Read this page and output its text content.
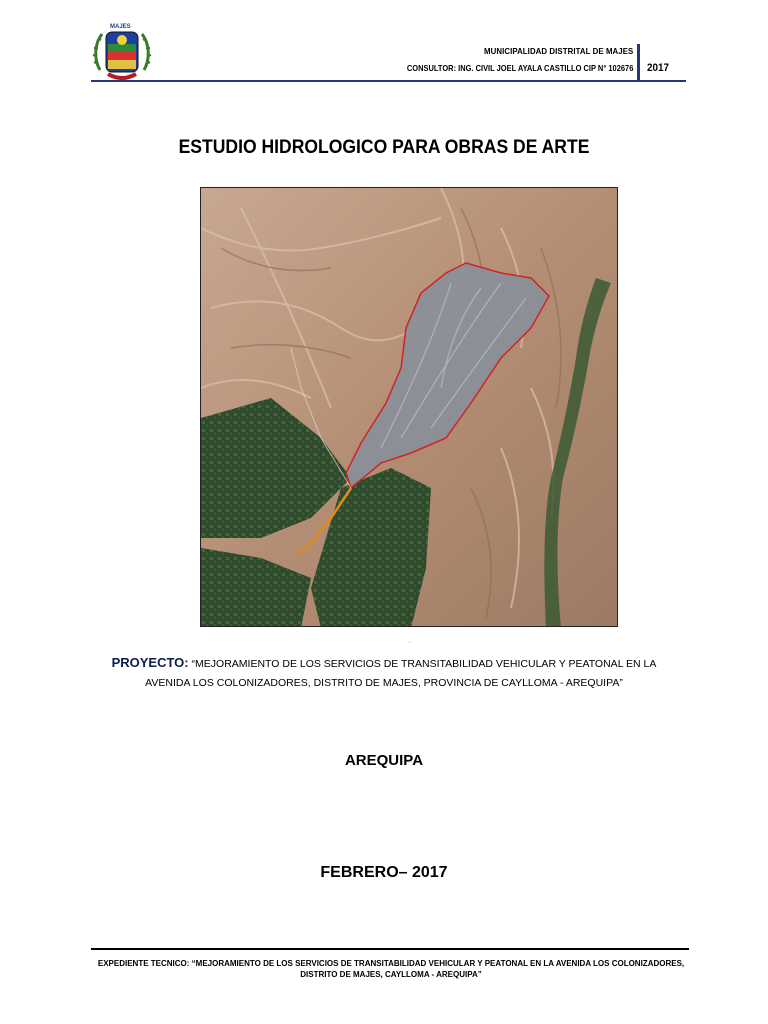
MAJES
MUNICIPALIDAD DISTRITAL DE MAJES
CONSULTOR: ING. CIVIL JOEL AYALA CASTILLO CIP N° 102676 2017
ESTUDIO HIDROLOGICO PARA OBRAS DE ARTE
.
PROYECTO: “MEJORAMIENTO DE LOS SERVICIOS DE TRANSITABILIDAD VEHICULAR Y PEATONAL EN LA AVENIDA LOS COLONIZADORES, DISTRITO DE MAJES, PROVINCIA DE CAYLLOMA - AREQUIPA”
AREQUIPA
FEBRERO– 2017
EXPEDIENTE TECNICO: “MEJORAMIENTO DE LOS SERVICIOS DE TRANSITABILIDAD VEHICULAR Y PEATONAL EN LA AVENIDA LOS COLONIZADORES, DISTRITO DE MAJES, CAYLLOMA - AREQUIPA”
